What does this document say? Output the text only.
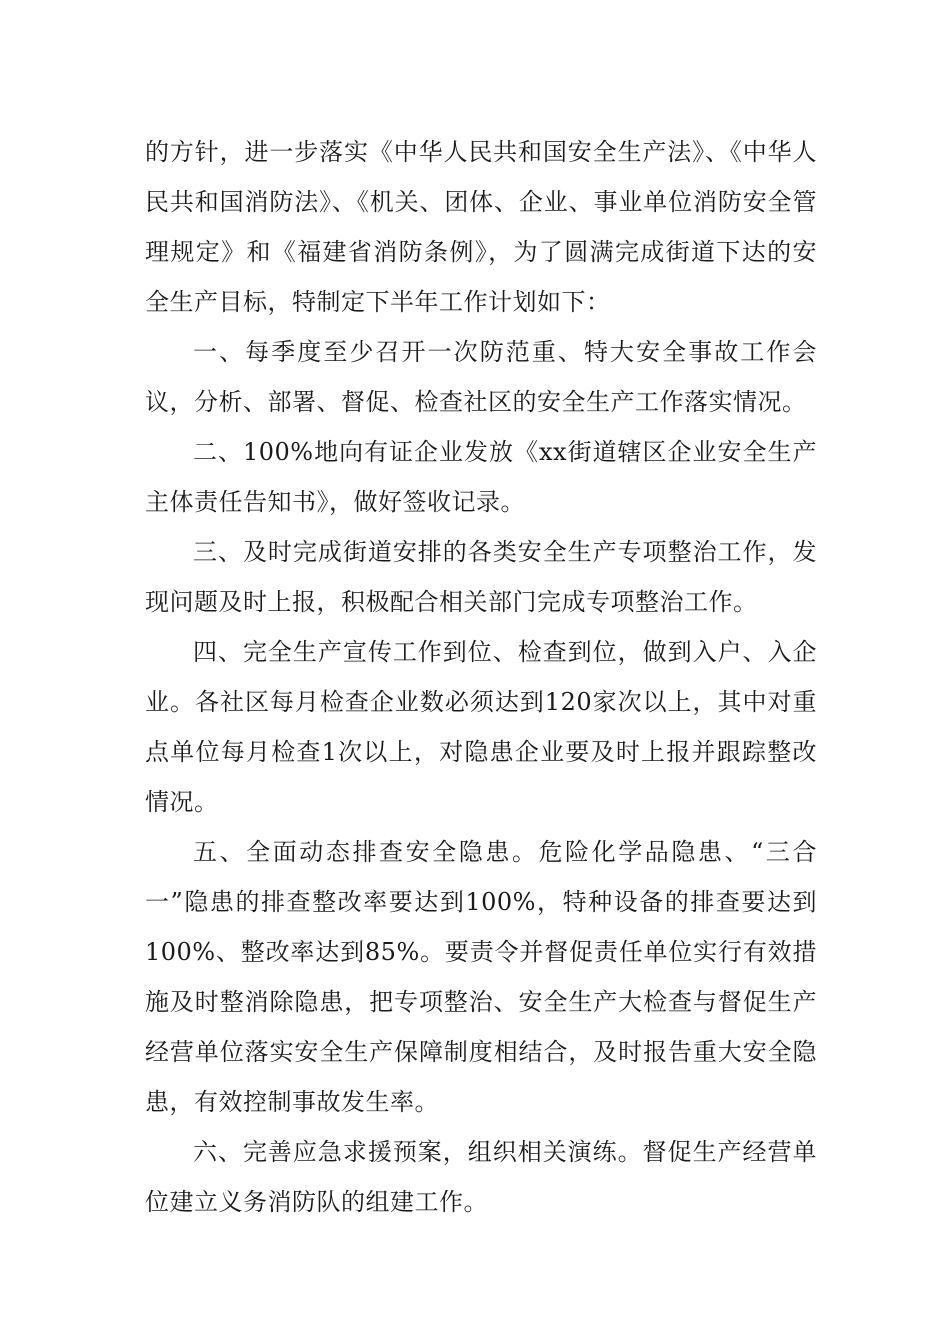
的方针，进一步落实《中华人民共和国安全生产法》、《中华人民共和国消防法》、《机关、团体、企业、事业单位消防安全管理规定》和《福建省消防条例》，为了圆满完成街道下达的安全生产目标，特制定下半年工作计划如下：

一、每季度至少召开一次防范重、特大安全事故工作会议，分析、部署、督促、检查社区的安全生产工作落实情况。

二、100%地向有证企业发放《xx街道辖区企业安全生产主体责任告知书》，做好签收记录。

三、及时完成街道安排的各类安全生产专项整治工作，发现问题及时上报，积极配合相关部门完成专项整治工作。

四、完全生产宣传工作到位、检查到位，做到入户、入企业。各社区每月检查企业数必须达到120家次以上，其中对重点单位每月检查1次以上，对隐患企业要及时上报并跟踪整改情况。

五、全面动态排查安全隐患。危险化学品隐患、“三合一”隐患的排查整改率要达到100%，特种设备的排查要达到100%、整改率达到85%。要责令并督促责任单位实行有效措施及时整消除隐患，把专项整治、安全生产大检查与督促生产经营单位落实安全生产保障制度相结合，及时报告重大安全隐患，有效控制事故发生率。

六、完善应急求援预案，组织相关演练。督促生产经营单位建立义务消防队的组建工作。
